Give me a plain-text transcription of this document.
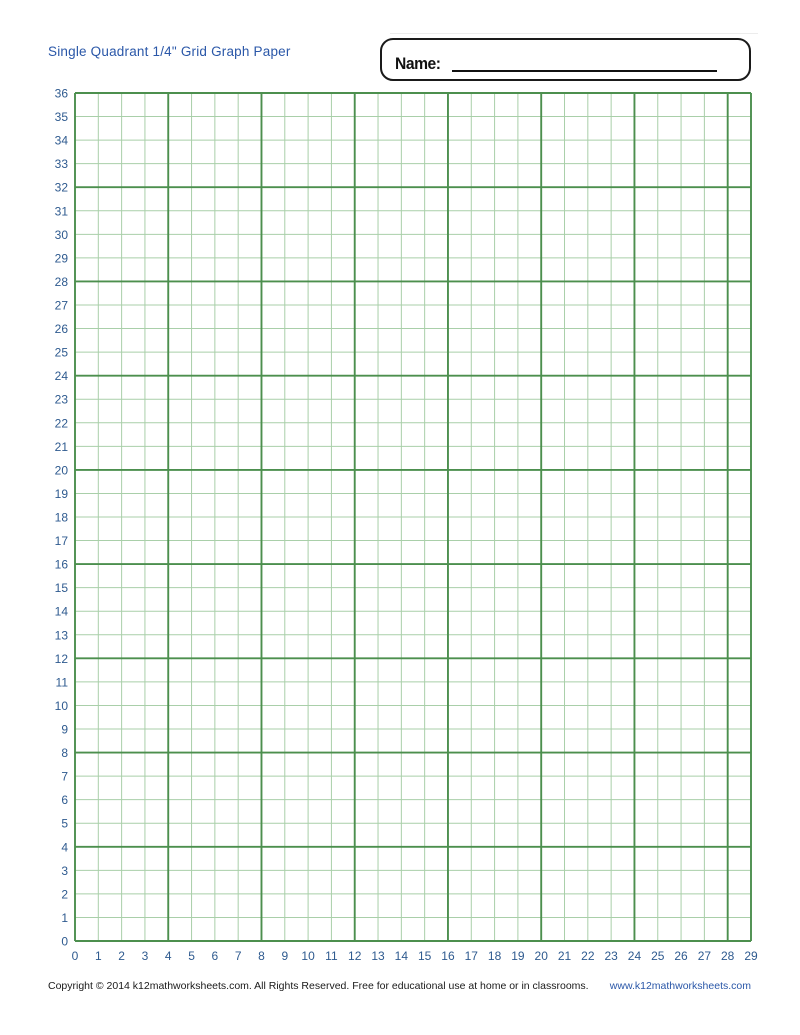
Single Quadrant 1/4" Grid Graph Paper
Name:
36
35
34
33
32
31
30
29
28
27
26
25
24
23
22
21
20
19
18
17
16
15
14
13
12
11
10
9
8
7
6
5
4
3
2
1
0
0 1 2 3 4 5 6 7 8 9 10 11 12 13 14 15 16 17 18 19 20 21 22 23 24 25 26 27 28 29
Copyright © 2014 k12mathworksheets.com. All Rights Reserved. Free for educational use at home or in classrooms. www.k12mathworksheets.com
